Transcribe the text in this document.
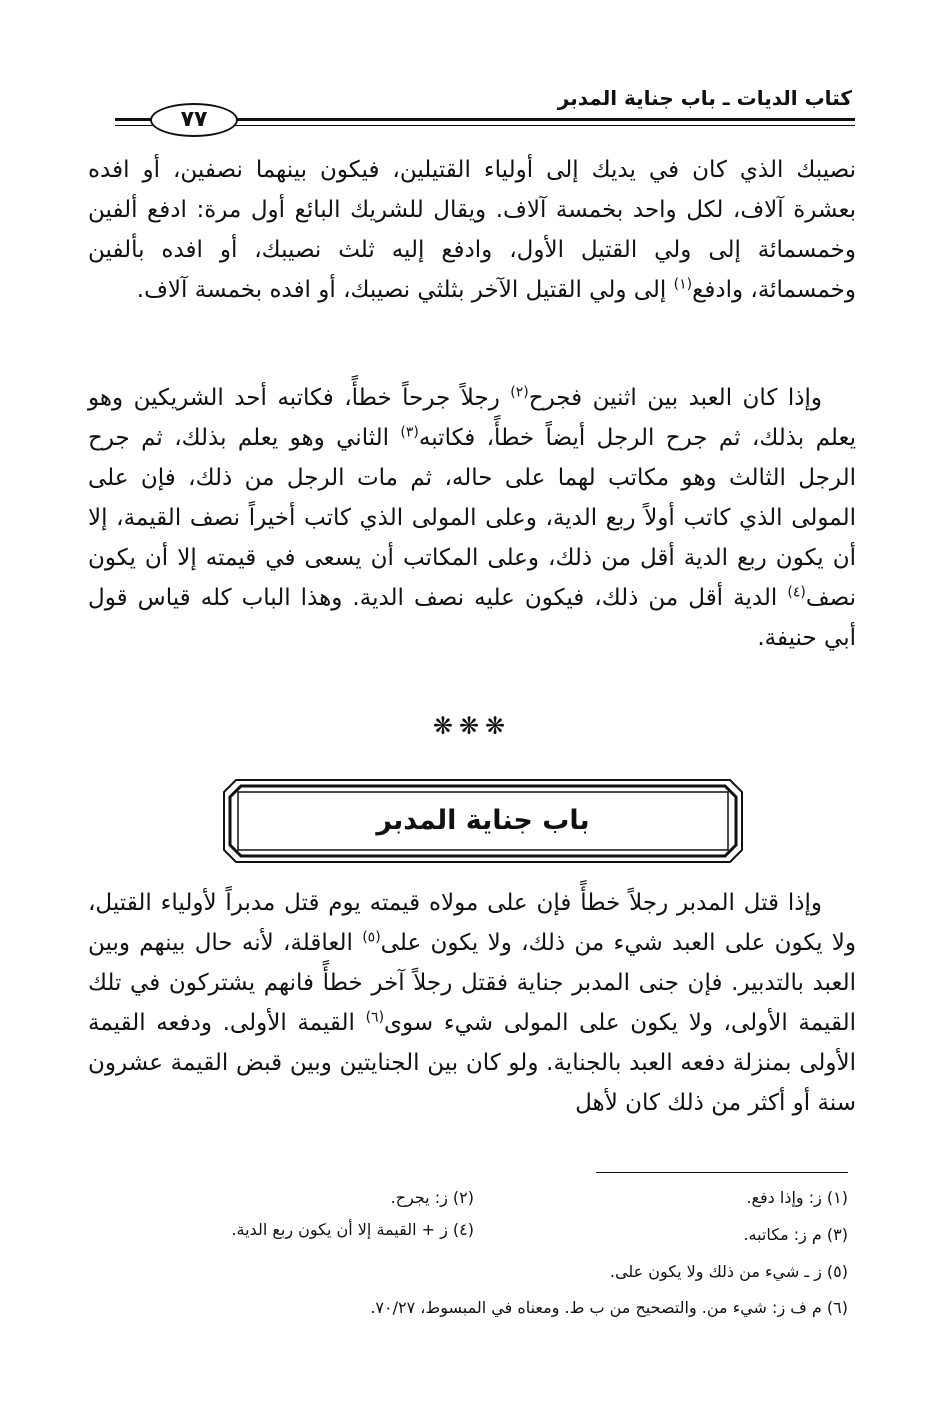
كتاب الديات ـ باب جناية المدبر
٧٧

نصيبك الذي كان في يديك إلى أولياء القتيلين، فيكون بينهما نصفين، أو افده بعشرة آلاف، لكل واحد بخمسة آلاف. ويقال للشريك البائع أول مرة: ادفع ألفين وخمسمائة إلى ولي القتيل الأول، وادفع إليه ثلث نصيبك، أو افده بألفين وخمسمائة، وادفع$^{(١)}$ إلى ولي القتيل الآخر بثلثي نصيبك، أو افده بخمسة آلاف.

وإذا كان العبد بين اثنين فجرح$^{(٢)}$ رجلاً جرحاً خطأً، فكاتبه أحد الشريكين وهو يعلم بذلك، ثم جرح الرجل أيضاً خطأً، فكاتبه$^{(٣)}$ الثاني وهو يعلم بذلك، ثم جرح الرجل الثالث وهو مكاتب لهما على حاله، ثم مات الرجل من ذلك، فإن على المولى الذي كاتب أولاً ربع الدية، وعلى المولى الذي كاتب أخيراً نصف القيمة، إلا أن يكون ربع الدية أقل من ذلك، وعلى المكاتب أن يسعى في قيمته إلا أن يكون نصف$^{(٤)}$ الدية أقل من ذلك، فيكون عليه نصف الدية. وهذا الباب كله قياس قول أبي حنيفة.

❋❋❋
باب جناية المدبر

وإذا قتل المدبر رجلاً خطأً فإن على مولاه قيمته يوم قتل مدبراً لأولياء القتيل، ولا يكون على العبد شيء من ذلك، ولا يكون على$^{(٥)}$ العاقلة، لأنه حال بينهم وبين العبد بالتدبير. فإن جنى المدبر جناية فقتل رجلاً آخر خطأً فانهم يشتركون في تلك القيمة الأولى، ولا يكون على المولى شيء سوى$^{(٦)}$ القيمة الأولى. ودفعه القيمة الأولى بمنزلة دفعه العبد بالجناية. ولو كان بين الجنايتين وبين قبض القيمة عشرون سنة أو أكثر من ذلك كان لأهل

(١) ز: وإذا دفع.
(٢) ز: يجرح.
(٣) م ز: مكاتبه.
(٤) ز + القيمة إلا أن يكون ربع الدية.
(٥) ز ـ شيء من ذلك ولا يكون على.
(٦) م ف ز: شيء من. والتصحيح من ب ط. ومعناه في المبسوط، ٧٠/٢٧.
